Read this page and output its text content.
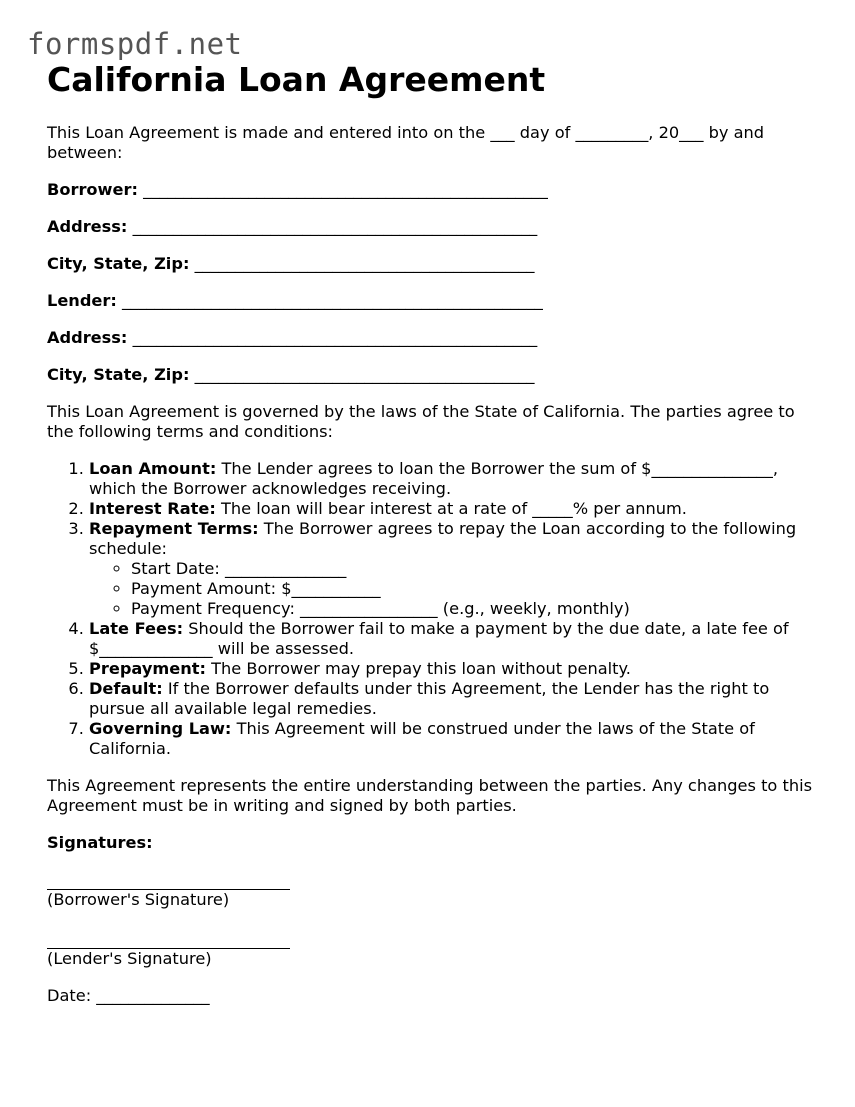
formspdf.net
California Loan Agreement

This Loan Agreement is made and entered into on the ___ day of _________, 20___ by and between:

Borrower: __________________________________________________

Address: __________________________________________________

City, State, Zip: __________________________________________

Lender: ____________________________________________________

Address: __________________________________________________

City, State, Zip: __________________________________________

This Loan Agreement is governed by the laws of the State of California. The parties agree to the following terms and conditions:

1. Loan Amount: The Lender agrees to loan the Borrower the sum of $_______________, which the Borrower acknowledges receiving.
2. Interest Rate: The loan will bear interest at a rate of _____% per annum.
3. Repayment Terms: The Borrower agrees to repay the Loan according to the following schedule:
◦ Start Date: _______________
◦ Payment Amount: $___________
◦ Payment Frequency: _________________ (e.g., weekly, monthly)
4. Late Fees: Should the Borrower fail to make a payment by the due date, a late fee of $______________ will be assessed.
5. Prepayment: The Borrower may prepay this loan without penalty.
6. Default: If the Borrower defaults under this Agreement, the Lender has the right to pursue all available legal remedies.
7. Governing Law: This Agreement will be construed under the laws of the State of California.

This Agreement represents the entire understanding between the parties. Any changes to this Agreement must be in writing and signed by both parties.

Signatures:

(Borrower's Signature)

(Lender's Signature)

Date: ______________
